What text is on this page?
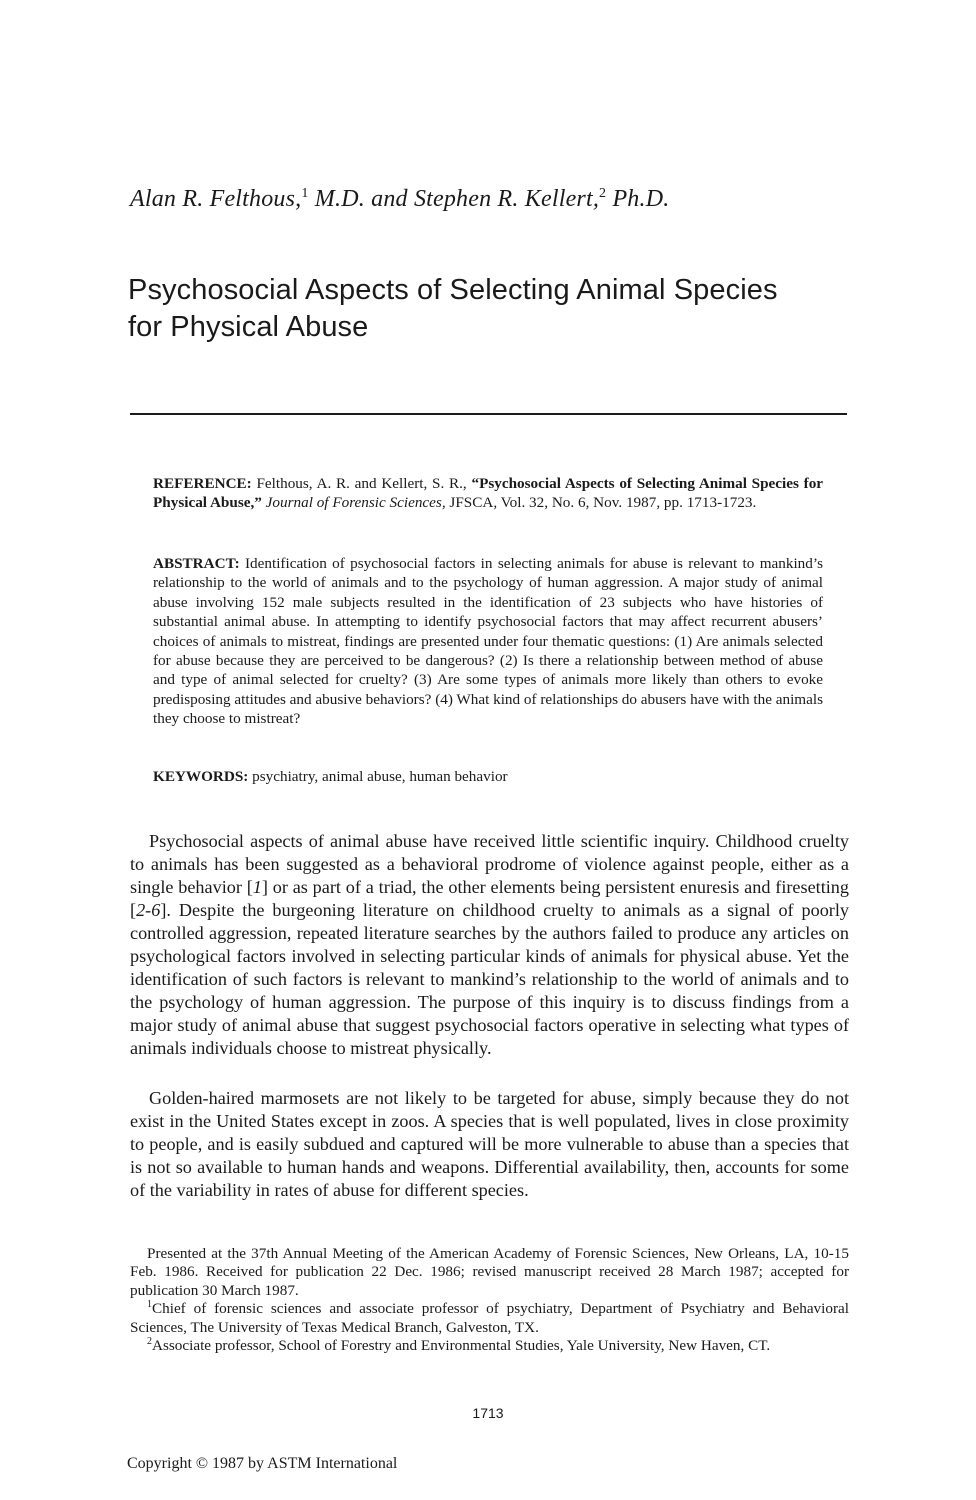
Alan R. Felthous,$^1$ M.D. and Stephen R. Kellert,$^2$ Ph.D.
Psychosocial Aspects of Selecting Animal Species
for Physical Abuse
REFERENCE: Felthous, A. R. and Kellert, S. R., “Psychosocial Aspects of Selecting Animal Species for Physical Abuse,” Journal of Forensic Sciences, JFSCA, Vol. 32, No. 6, Nov. 1987, pp. 1713-1723.
ABSTRACT: Identification of psychosocial factors in selecting animals for abuse is relevant to mankind’s relationship to the world of animals and to the psychology of human aggression. A major study of animal abuse involving 152 male subjects resulted in the identification of 23 subjects who have histories of substantial animal abuse. In attempting to identify psychosocial factors that may affect recurrent abusers’ choices of animals to mistreat, findings are presented under four thematic questions: (1) Are animals selected for abuse because they are perceived to be dangerous? (2) Is there a relationship between method of abuse and type of animal selected for cruelty? (3) Are some types of animals more likely than others to evoke predisposing attitudes and abusive behaviors? (4) What kind of relationships do abusers have with the animals they choose to mistreat?
KEYWORDS: psychiatry, animal abuse, human behavior

Psychosocial aspects of animal abuse have received little scientific inquiry. Childhood cruelty to animals has been suggested as a behavioral prodrome of violence against people, either as a single behavior [1] or as part of a triad, the other elements being persistent enuresis and firesetting [2-6]. Despite the burgeoning literature on childhood cruelty to animals as a signal of poorly controlled aggression, repeated literature searches by the authors failed to produce any articles on psychological factors involved in selecting particular kinds of animals for physical abuse. Yet the identification of such factors is relevant to mankind’s relationship to the world of animals and to the psychology of human aggression. The purpose of this inquiry is to discuss findings from a major study of animal abuse that suggest psychosocial factors operative in selecting what types of animals individuals choose to mistreat physically.

Golden-haired marmosets are not likely to be targeted for abuse, simply because they do not exist in the United States except in zoos. A species that is well populated, lives in close proximity to people, and is easily subdued and captured will be more vulnerable to abuse than a species that is not so available to human hands and weapons. Differential availability, then, accounts for some of the variability in rates of abuse for different species.

Presented at the 37th Annual Meeting of the American Academy of Forensic Sciences, New Orleans, LA, 10-15 Feb. 1986. Received for publication 22 Dec. 1986; revised manuscript received 28 March 1987; accepted for publication 30 March 1987.

$^1$Chief of forensic sciences and associate professor of psychiatry, Department of Psychiatry and Behavioral Sciences, The University of Texas Medical Branch, Galveston, TX.

$^2$Associate professor, School of Forestry and Environmental Studies, Yale University, New Haven, CT.

1713
Copyright © 1987 by ASTM International
